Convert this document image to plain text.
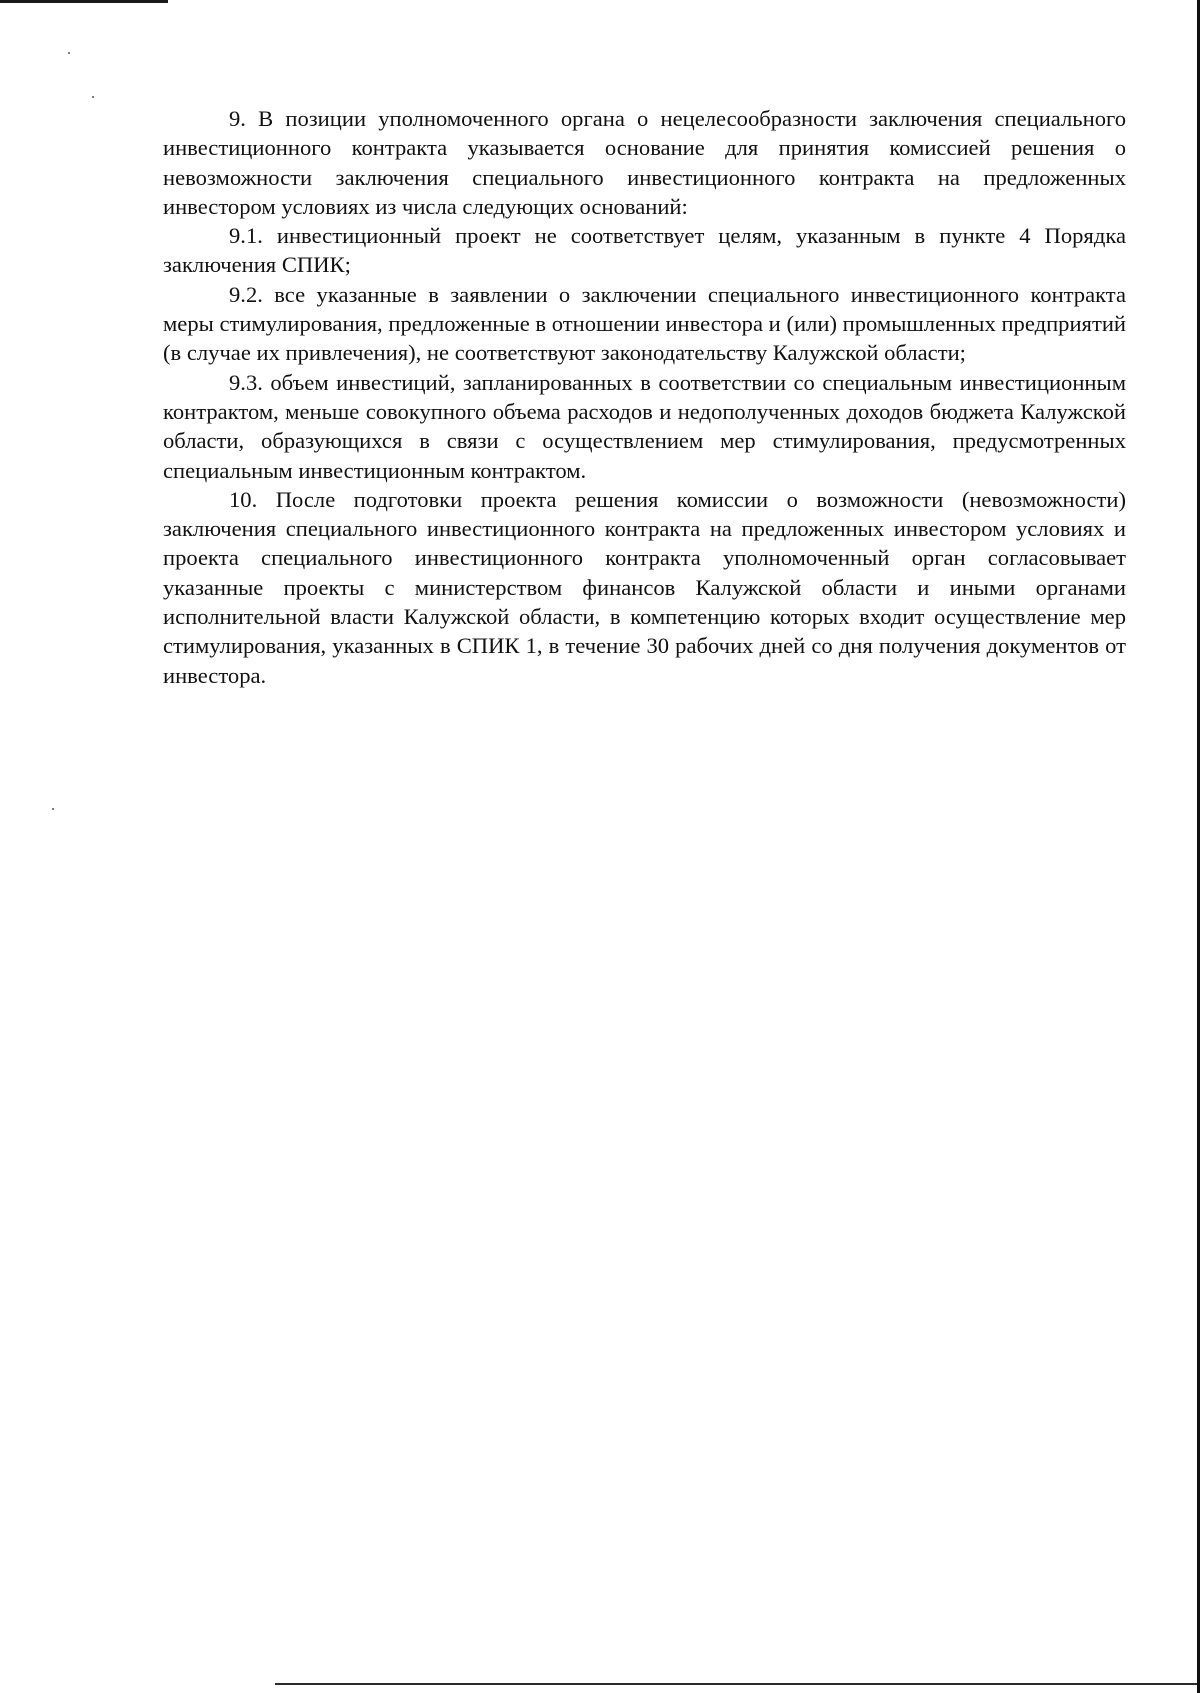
9. В позиции уполномоченного органа о нецелесообразности заключения специального инвестиционного контракта указывается основание для принятия комиссией решения о невозможности заключения специального инвестиционного контракта на предложенных инвестором условиях из числа следующих оснований:

9.1. инвестиционный проект не соответствует целям, указанным в пункте 4 Порядка заключения СПИК;

9.2. все указанные в заявлении о заключении специального инвестиционного контракта меры стимулирования, предложенные в отношении инвестора и (или) промышленных предприятий (в случае их привлечения), не соответствуют законодательству Калужской области;

9.3. объем инвестиций, запланированных в соответствии со специальным инвестиционным контрактом, меньше совокупного объема расходов и недополученных доходов бюджета Калужской области, образующихся в связи с осуществлением мер стимулирования, предусмотренных специальным инвестиционным контрактом.

10. После подготовки проекта решения комиссии о возможности (невозможности) заключения специального инвестиционного контракта на предложенных инвестором условиях и проекта специального инвестиционного контракта уполномоченный орган согласовывает указанные проекты с министерством финансов Калужской области и иными органами исполнительной власти Калужской области, в компетенцию которых входит осуществление мер стимулирования, указанных в СПИК 1, в течение 30 рабочих дней со дня получения документов от инвестора.
